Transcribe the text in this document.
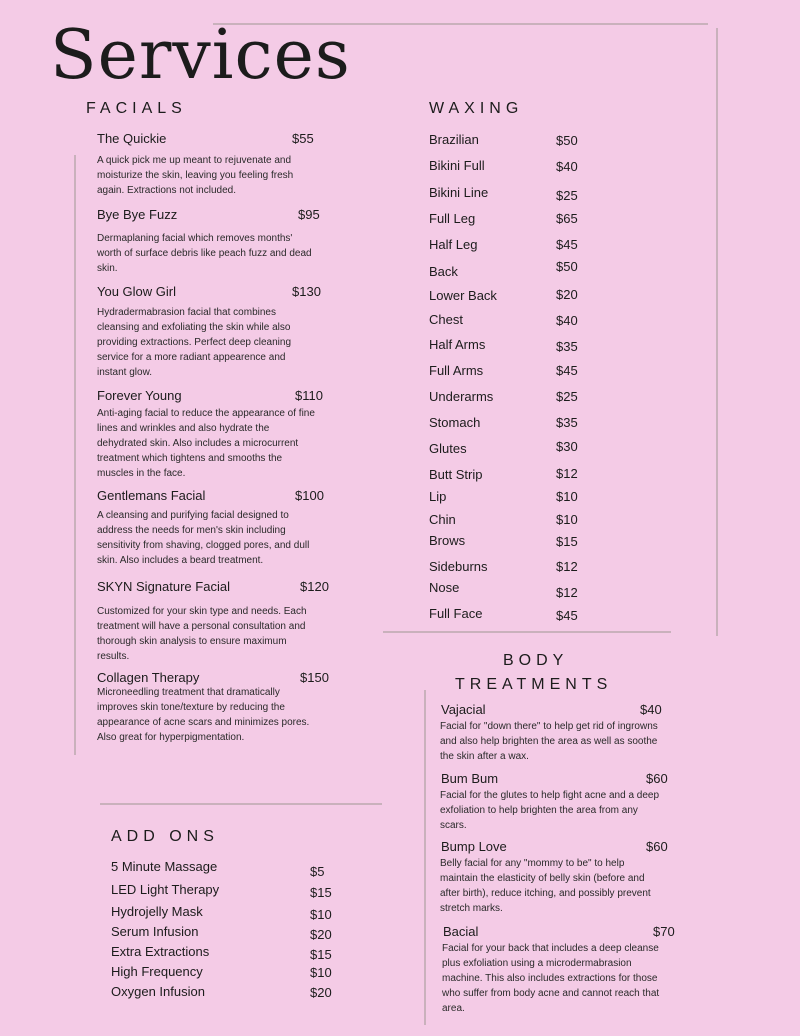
Services
FACIALS
The Quickie	$55
A quick pick me up meant to rejuvenate and moisturize the skin, leaving you feeling fresh again. Extractions not included.
Bye Bye Fuzz	$95
Dermaplaning facial which removes months' worth of surface debris like peach fuzz and dead skin.
You Glow Girl	$130
Hydradermabrasion facial that combines cleansing and exfoliating the skin while also providing extractions. Perfect deep cleaning service for a more radiant appearence and instant glow.
Forever Young	$110
Anti-aging facial to reduce the appearance of fine lines and wrinkles and also hydrate the dehydrated skin. Also includes a microcurrent treatment which tightens and smooths the muscles in the face.
Gentlemans Facial	$100
A cleansing and purifying facial designed to address the needs for men's skin including sensitivity from shaving, clogged pores, and dull skin. Also includes a beard treatment.
SKYN Signature Facial	$120
Customized for your skin type and needs. Each treatment will have a personal consultation and thorough skin analysis to ensure maximum results.
Collagen Therapy	$150
Microneedling treatment that dramatically improves skin tone/texture by reducing the appearance of acne scars and minimizes pores. Also great for hyperpigmentation.
WAXING
Brazilian	$50
Bikini Full	$40
Bikini Line	$25
Full Leg	$65
Half Leg	$45
Back	$50
Lower Back	$20
Chest	$40
Half Arms	$35
Full Arms	$45
Underarms	$25
Stomach	$35
Glutes	$30
Butt Strip	$12
Lip	$10
Chin	$10
Brows	$15
Sideburns	$12
Nose	$12
Full Face	$45
BODY
TREATMENTS
Vajacial	$40
Facial for "down there" to help get rid of ingrowns and also help brighten the area as well as soothe the skin after a wax.
Bum Bum	$60
Facial for the glutes to help fight acne and a deep exfoliation to help brighten the area from any scars.
Bump Love	$60
Belly facial for any "mommy to be" to help maintain the elasticity of belly skin (before and after birth), reduce itching, and possibly prevent stretch marks.
Bacial	$70
Facial for your back that includes a deep cleanse plus exfoliation using a microdermabrasion machine. This also includes extractions for those who suffer from body acne and cannot reach that area.
ADD ONS
5 Minute Massage	$5
LED Light Therapy	$15
Hydrojelly Mask	$10
Serum Infusion	$20
Extra Extractions	$15
High Frequency	$10
Oxygen Infusion	$20
